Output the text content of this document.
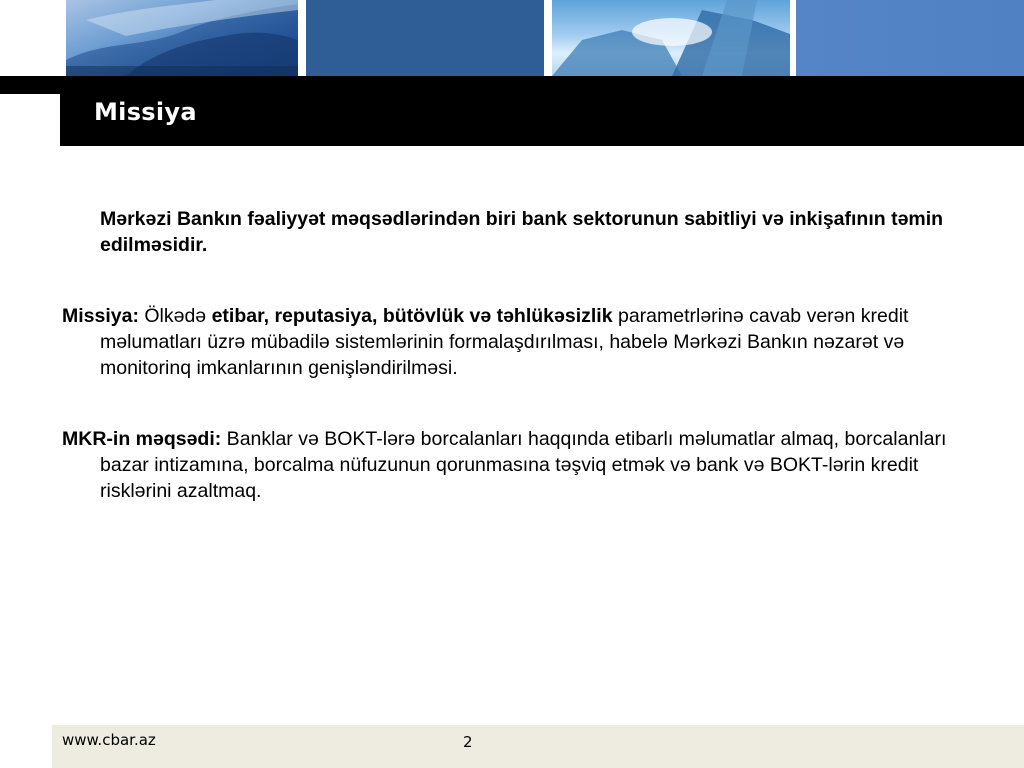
Missiya

Mərkəzi Bankın fəaliyyət məqsədlərindən biri bank sektorunun sabitliyi və inkişafının təmin edilməsidir.

Missiya: Ölkədə etibar, reputasiya, bütövlük və təhlükəsizlik parametrlərinə cavab verən kredit məlumatları üzrə mübadilə sistemlərinin formalaşdırılması, habelə Mərkəzi Bankın nəzarət və monitorinq imkanlarının genişləndirilməsi.

MKR-in məqsədi: Banklar və BOKT-lərə borcalanları haqqında etibarlı məlumatlar almaq, borcalanları bazar intizamına, borcalma nüfuzunun qorunmasına təşviq etmək və bank və BOKT-lərin kredit risklərini azaltmaq.

www.cbar.az	2
